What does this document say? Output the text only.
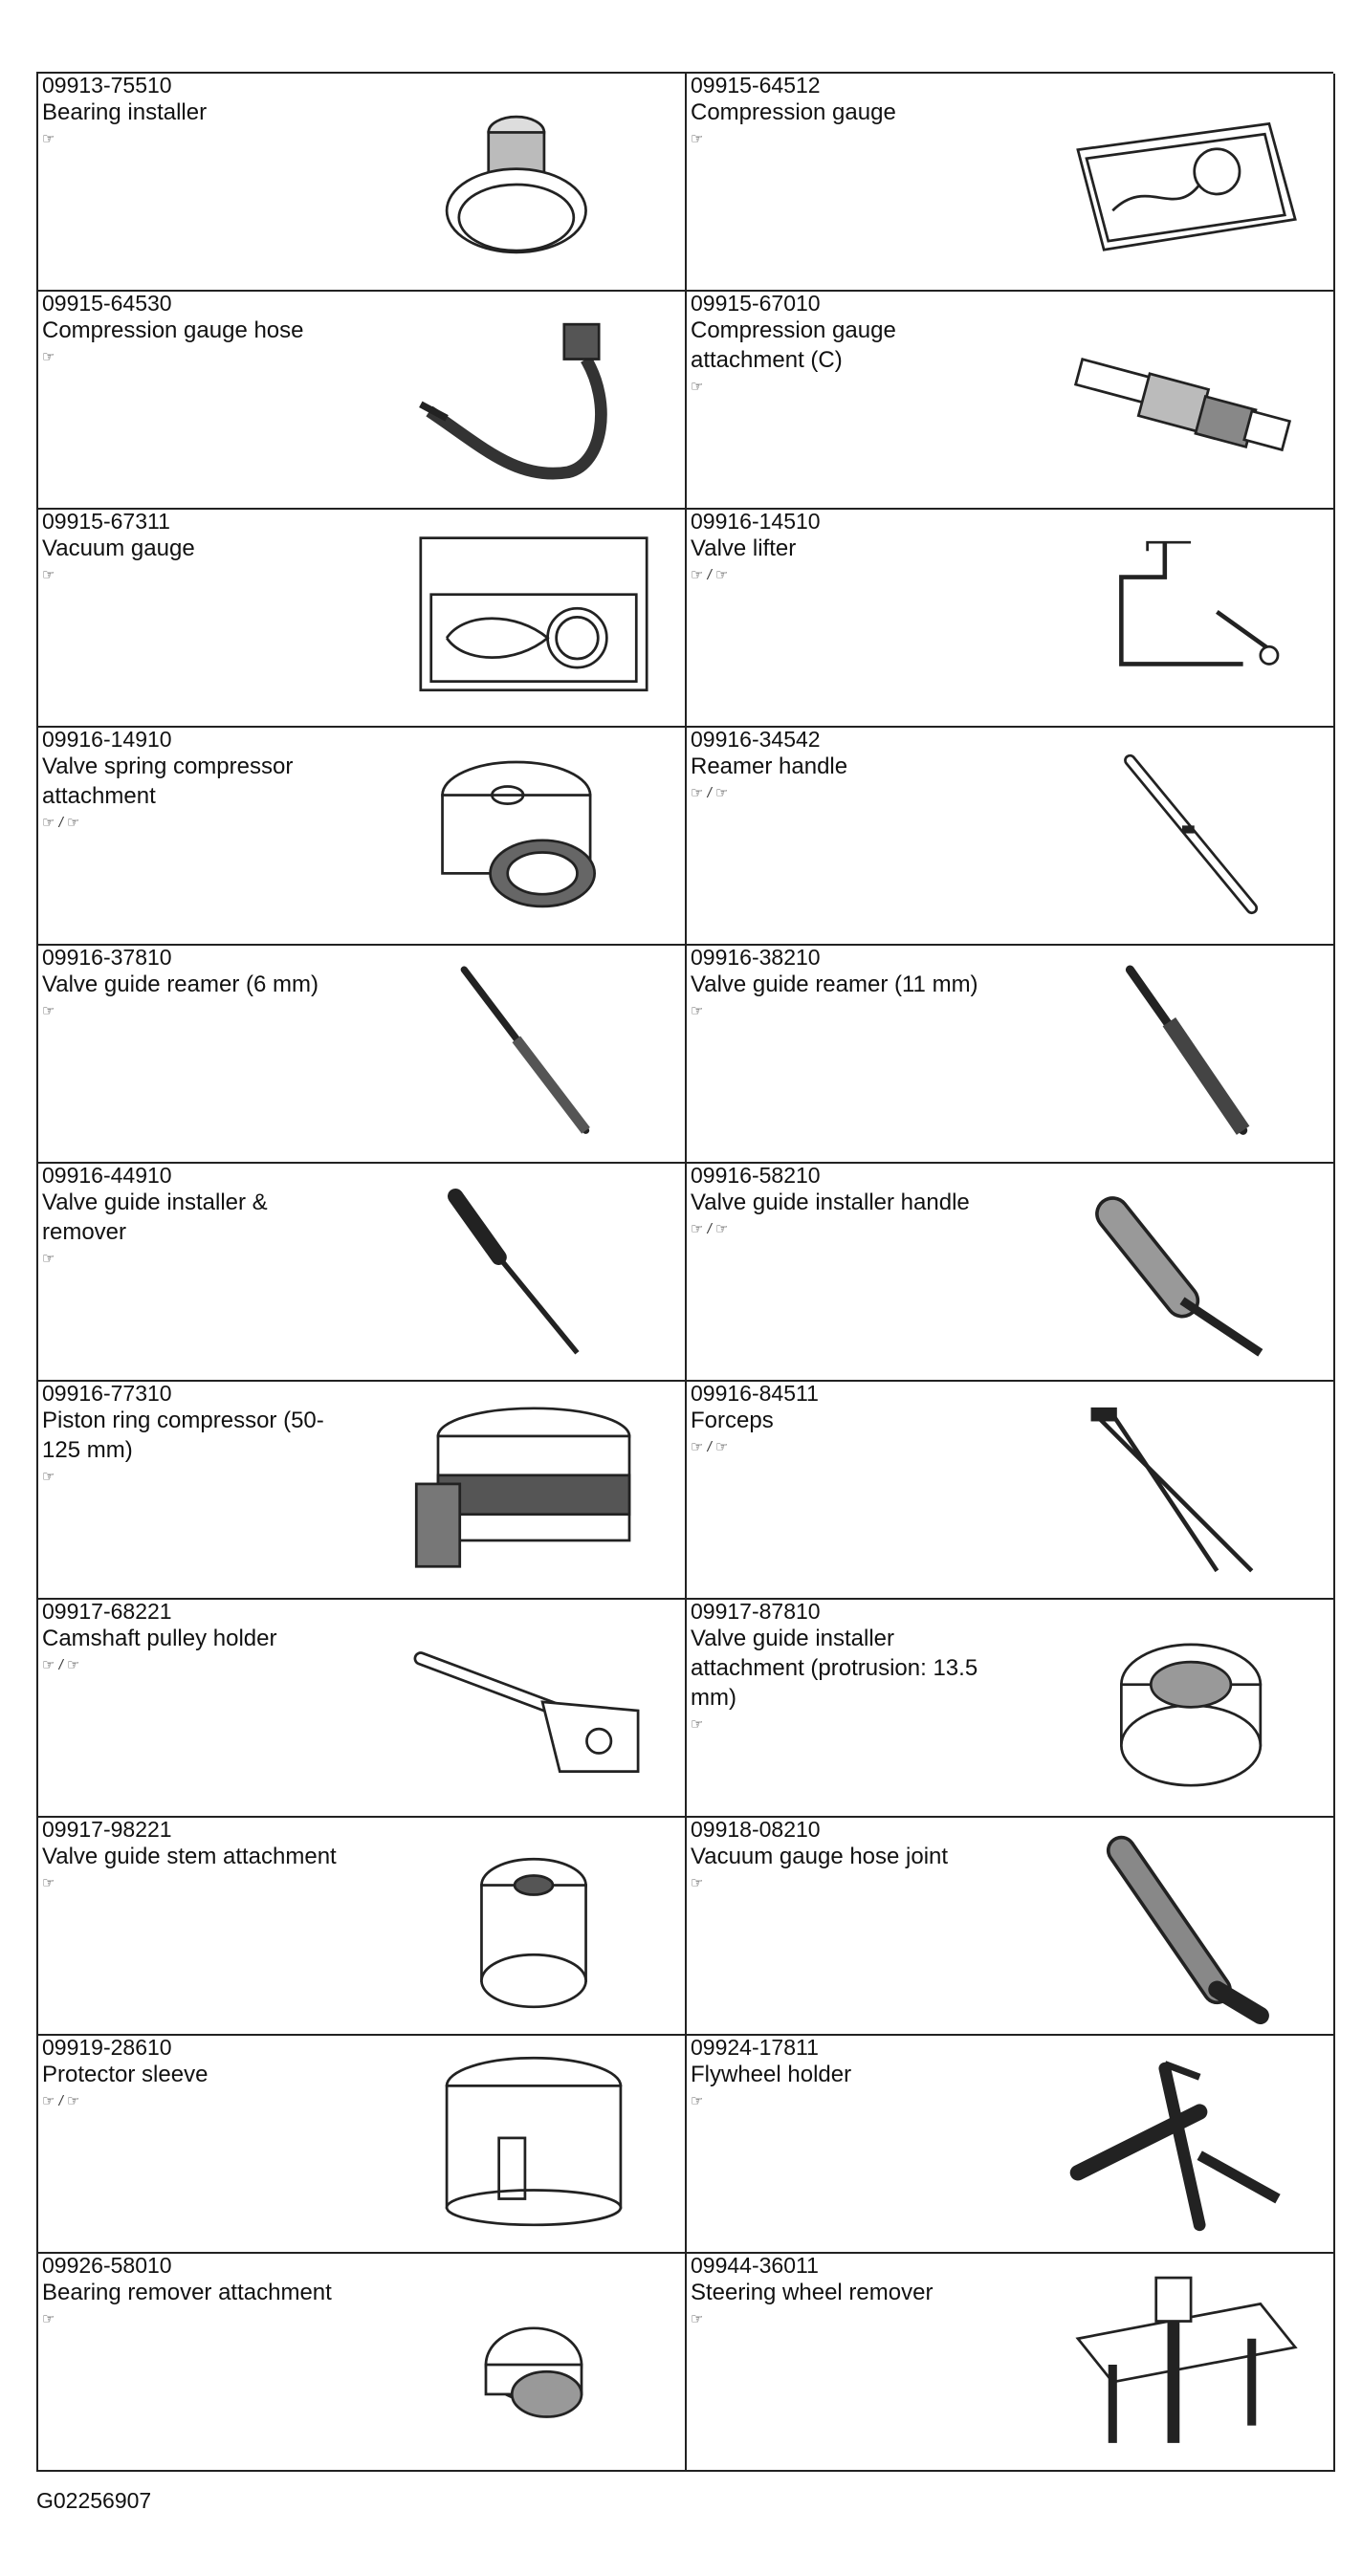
09913-75510
Bearing installer
☞
09915-64512
Compression gauge
☞
09915-64530
Compression gauge hose
☞
09915-67010
Compression gauge
attachment (C)
☞
09915-67311
Vacuum gauge
☞
09916-14510
Valve lifter
☞ / ☞
09916-14910
Valve spring compressor
attachment
☞ / ☞
09916-34542
Reamer handle
☞ / ☞
09916-37810
Valve guide reamer (6 mm)
☞
09916-38210
Valve guide reamer (11 mm)
☞
09916-44910
Valve guide installer &
remover
☞
09916-58210
Valve guide installer handle
☞ / ☞
09916-77310
Piston ring compressor (50-
125 mm)
☞
09916-84511
Forceps
☞ / ☞
09917-68221
Camshaft pulley holder
☞ / ☞
09917-87810
Valve guide installer
attachment (protrusion: 13.5
mm)
☞
09917-98221
Valve guide stem attachment
☞
09918-08210
Vacuum gauge hose joint
☞
09919-28610
Protector sleeve
☞ / ☞
09924-17811
Flywheel holder
☞
09926-58010
Bearing remover attachment
☞
09944-36011
Steering wheel remover
☞
G02256907
